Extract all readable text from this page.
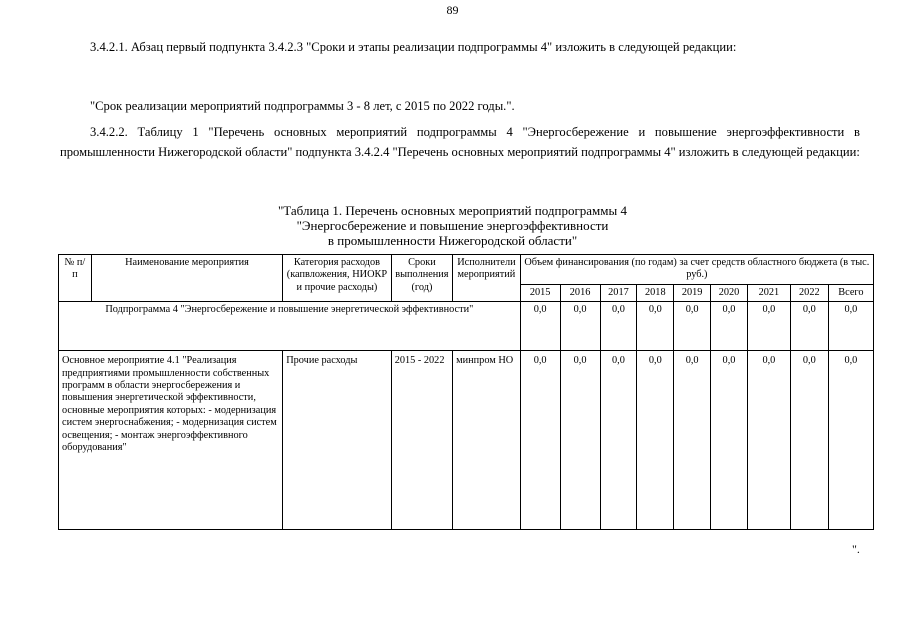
89
3.4.2.1. Абзац первый подпункта 3.4.2.3 "Сроки и этапы реализации подпрограммы 4" изложить в следующей редакции:
"Срок реализации мероприятий подпрограммы 3 - 8 лет, с 2015 по 2022 годы.".
3.4.2.2. Таблицу 1 "Перечень основных мероприятий подпрограммы 4 "Энергосбережение и повышение энергоэффективности в промышленности Нижегородской области" подпункта 3.4.2.4 "Перечень основных мероприятий подпрограммы 4" изложить в следующей редакции:
"Таблица 1. Перечень основных мероприятий подпрограммы 4
"Энергосбережение и повышение энергоэффективности
в промышленности Нижегородской области"
№ п/п	Наименование мероприятия	Категория расходов (капвложения, НИОКР и прочие расходы)	Сроки выполнения (год)	Исполнители мероприятий	Объем финансирования (по годам) за счет средств областного бюджета (в тыс. руб.)								
					2015	2016	2017	2018	2019	2020	2021	2022	Всего
Подпрограмма 4 "Энергосбережение и повышение энергетической эффективности"					0,0	0,0	0,0	0,0	0,0	0,0	0,0	0,0	0,0
Основное мероприятие 4.1 "Реализация предприятиями промышленности собственных программ в области энергосбережения и повышения энергетической эффективности, основные мероприятия которых: - модернизация систем энергоснабжения; - модернизация систем освещения; - монтаж энергоэффективного оборудования"		Прочие расходы	2015 - 2022	минпром НО	0,0	0,0	0,0	0,0	0,0	0,0	0,0	0,0	0,0
".
